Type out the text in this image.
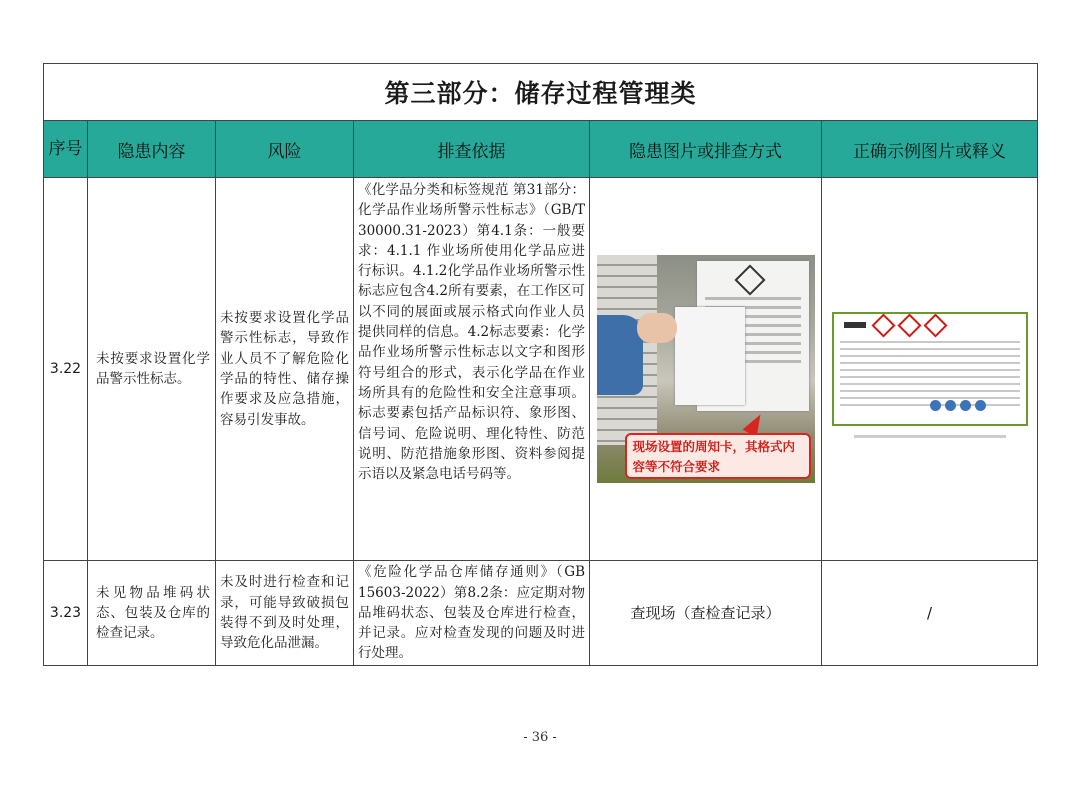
第三部分：储存过程管理类					
序号	隐患内容	风险	排查依据	隐患图片或排查方式	正确示例图片或释义
3.22	未按要求设置化学品警示性标志。	未按要求设置化学品警示性标志，导致作业人员不了解危险化学品的特性、储存操作要求及应急措施，容易引发事故。	《化学品分类和标签规范 第31部分：化学品作业场所警示性标志》（GB/T 30000.31-2023）第4.1条：一般要求：4.1.1 作业场所使用化学品应进行标识。4.1.2化学品作业场所警示性标志应包含4.2所有要素，在工作区可以不同的展面或展示格式向作业人员提供同样的信息。4.2标志要素：化学品作业场所警示性标志以文字和图形符号组合的形式，表示化学品在作业场所具有的危险性和安全注意事项。标志要素包括产品标识符、象形图、信号词、危险说明、理化特性、防范说明、防范措施象形图、资料参阅提示语以及紧急电话号码等。	现场设置的周知卡，其格式内容等不符合要求	

3.23	未见物品堆码状态、包装及仓库的检查记录。	未及时进行检查和记录，可能导致破损包装得不到及时处理，导致危化品泄漏。	《危险化学品仓库储存通则》（GB 15603-2022）第8.2条：应定期对物品堆码状态、包装及仓库进行检查，并记录。应对检查发现的问题及时进行处理。	查现场（查检查记录）	/
- 36 -
